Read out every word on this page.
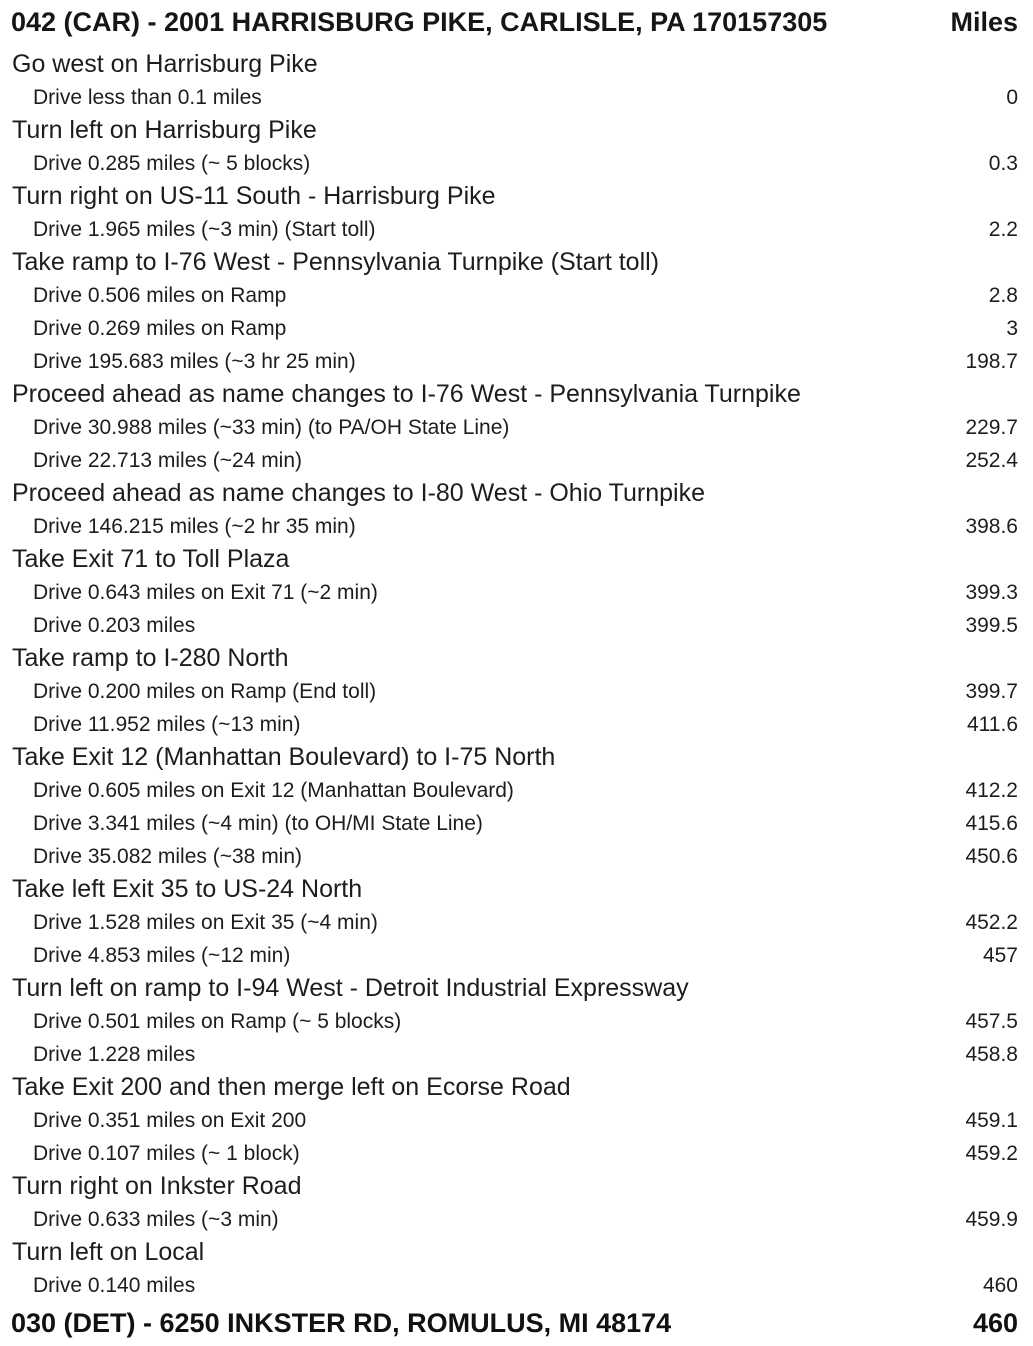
042 (CAR) - 2001 HARRISBURG PIKE, CARLISLE, PA 170157305	Miles
Go west on Harrisburg Pike
Drive less than 0.1 miles	0
Turn left on Harrisburg Pike
Drive 0.285 miles (~ 5 blocks)	0.3
Turn right on US-11 South - Harrisburg Pike
Drive 1.965 miles (~3 min) (Start toll)	2.2
Take ramp to I-76 West - Pennsylvania Turnpike (Start toll)
Drive 0.506 miles on Ramp	2.8
Drive 0.269 miles on Ramp	3
Drive 195.683 miles (~3 hr 25 min)	198.7
Proceed ahead as name changes to I-76 West - Pennsylvania Turnpike
Drive 30.988 miles (~33 min) (to PA/OH State Line)	229.7
Drive 22.713 miles (~24 min)	252.4
Proceed ahead as name changes to I-80 West - Ohio Turnpike
Drive 146.215 miles (~2 hr 35 min)	398.6
Take Exit 71 to Toll Plaza
Drive 0.643 miles on Exit 71 (~2 min)	399.3
Drive 0.203 miles	399.5
Take ramp to I-280 North
Drive 0.200 miles on Ramp (End toll)	399.7
Drive 11.952 miles (~13 min)	411.6
Take Exit 12 (Manhattan Boulevard) to I-75 North
Drive 0.605 miles on Exit 12 (Manhattan Boulevard)	412.2
Drive 3.341 miles (~4 min) (to OH/MI State Line)	415.6
Drive 35.082 miles (~38 min)	450.6
Take left Exit 35 to US-24 North
Drive 1.528 miles on Exit 35 (~4 min)	452.2
Drive 4.853 miles (~12 min)	457
Turn left on ramp to I-94 West - Detroit Industrial Expressway
Drive 0.501 miles on Ramp (~ 5 blocks)	457.5
Drive 1.228 miles	458.8
Take Exit 200 and then merge left on Ecorse Road
Drive 0.351 miles on Exit 200	459.1
Drive 0.107 miles (~ 1 block)	459.2
Turn right on Inkster Road
Drive 0.633 miles (~3 min)	459.9
Turn left on Local
Drive 0.140 miles	460
030 (DET) - 6250 INKSTER RD, ROMULUS, MI 48174	460
